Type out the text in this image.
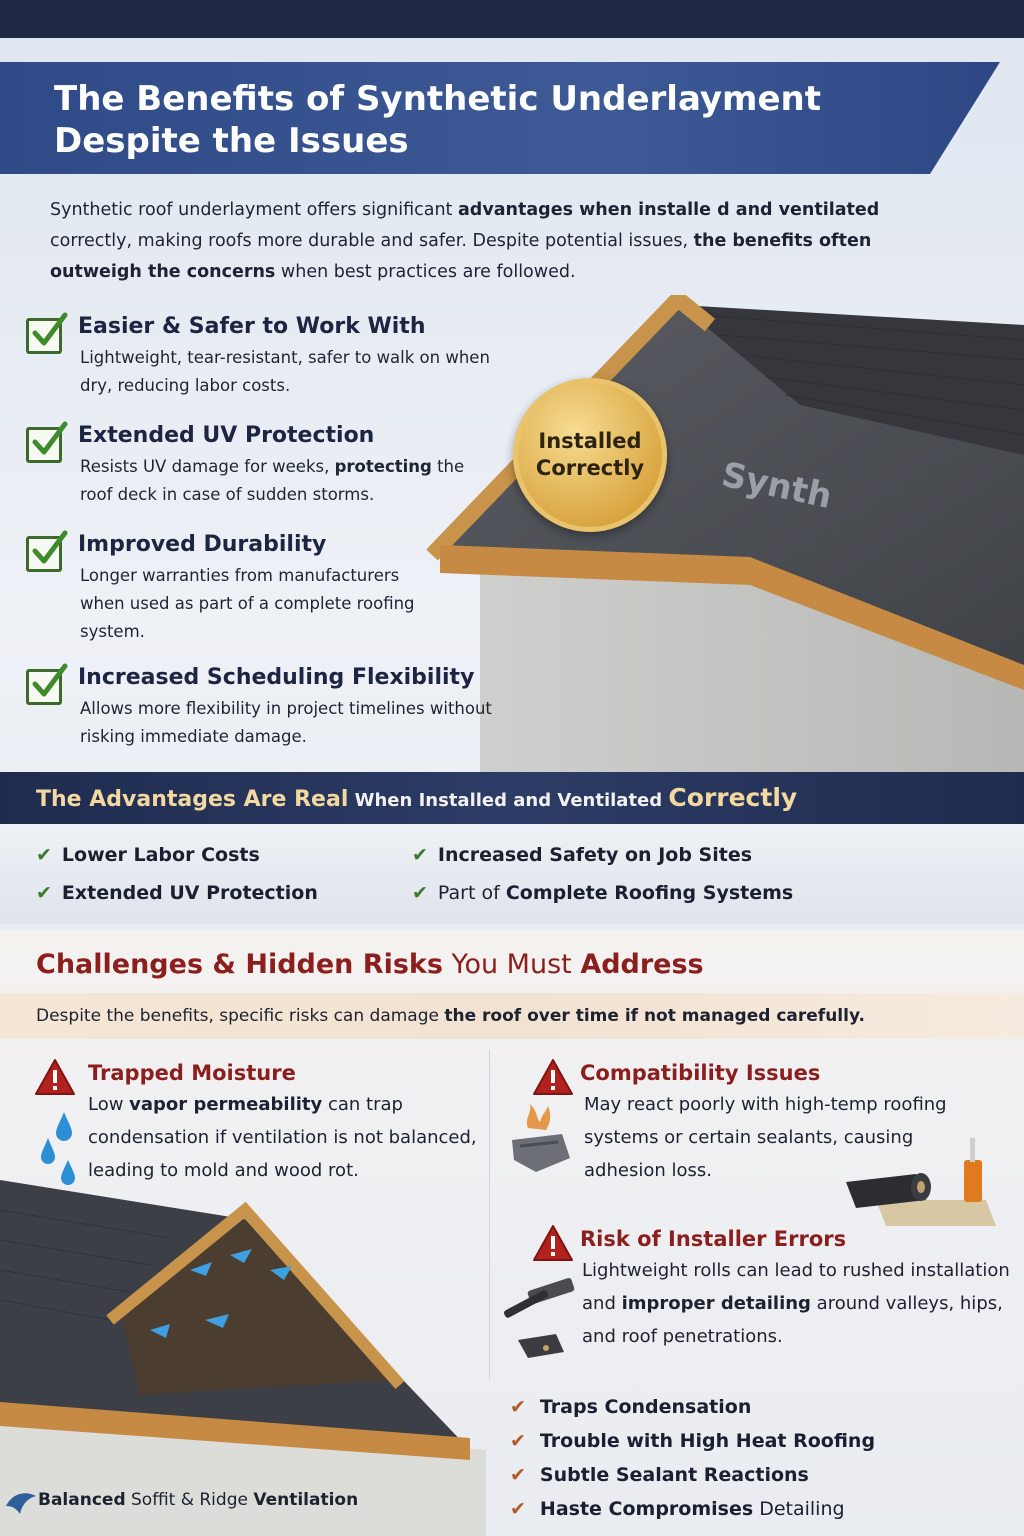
The Benefits of Synthetic Underlayment
Despite the Issues
Synthetic roof underlayment offers significant advantages when installe d and ventilated correctly, making roofs more durable and safer. Despite potential issues, the benefits often outweigh the concerns when best practices are followed.
Synth
Installed
Correctly
Easier & Safer to Work With

Lightweight, tear-resistant, safer to walk on when dry, reducing labor costs.

Extended UV Protection

Resists UV damage for weeks, protecting the roof deck in case of sudden storms.

Improved Durability

Longer warranties from manufacturers when used as part of a complete roofing system.

Increased Scheduling Flexibility

Allows more flexibility in project timelines without risking immediate damage.

The Advantages Are Real When Installed and Ventilated Correctly
✔ Lower Labor Costs
✔ Extended UV Protection
✔ Increased Safety on Job Sites
✔ Part of Complete Roofing Systems
Challenges & Hidden Risks You Must Address
Despite the benefits, specific risks can damage the roof over time if not managed carefully.
Trapped Moisture

Low vapor permeability can trap condensation if ventilation is not balanced, leading to mold and wood rot.

Compatibility Issues

May react poorly with high-temp roofing systems or certain sealants, causing adhesion loss.

Risk of Installer Errors

Lightweight rolls can lead to rushed installation and improper detailing around valleys, hips, and roof penetrations.

✔ Traps Condensation
✔ Trouble with High Heat Roofing
✔ Subtle Sealant Reactions
✔ Haste Compromises Detailing
Balanced Soffit & Ridge Ventilation
